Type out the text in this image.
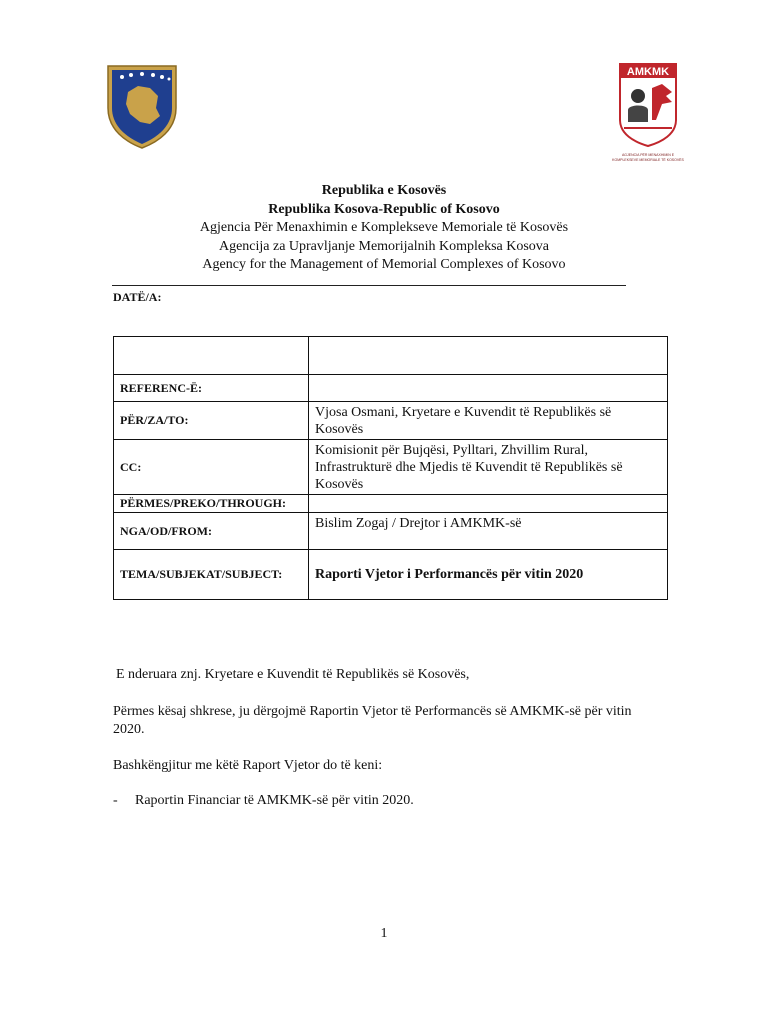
AMKMK
AGJENCIA PËR MENAXHIMIN E
KOMPLEKSEVE MEMORIALE TË KOSOVËS
Republika e Kosovës
Republika Kosova-Republic of Kosovo
Agjencia Për Menaxhimin e Komplekseve Memoriale të Kosovës
Agencija za Upravljanje Memorijalnih Kompleksa Kosova
Agency for the Management of Memorial Complexes of Kosovo
DATË/A:

REFERENC-Ë:	
PËR/ZA/TO:	Vjosa Osmani, Kryetare e Kuvendit të Republikës së Kosovës
CC:	Komisionit për Bujqësi, Pylltari, Zhvillim Rural, Infrastrukturë dhe Mjedis të Kuvendit të Republikës së Kosovës
PËRMES/PREKO/THROUGH:	
NGA/OD/FROM:	Bislim Zogaj / Drejtor i AMKMK-së
TEMA/SUBJEKAT/SUBJECT:	Raporti Vjetor i Performancës për vitin 2020
E nderuara znj. Kryetare e Kuvendit të Republikës së Kosovës,
Përmes kësaj shkrese, ju dërgojmë Raportin Vjetor të Performancës së AMKMK-së për vitin 2020.
Bashkëngjitur me këtë Raport Vjetor do të keni:
- Raportin Financiar të AMKMK-së për vitin 2020.
1
